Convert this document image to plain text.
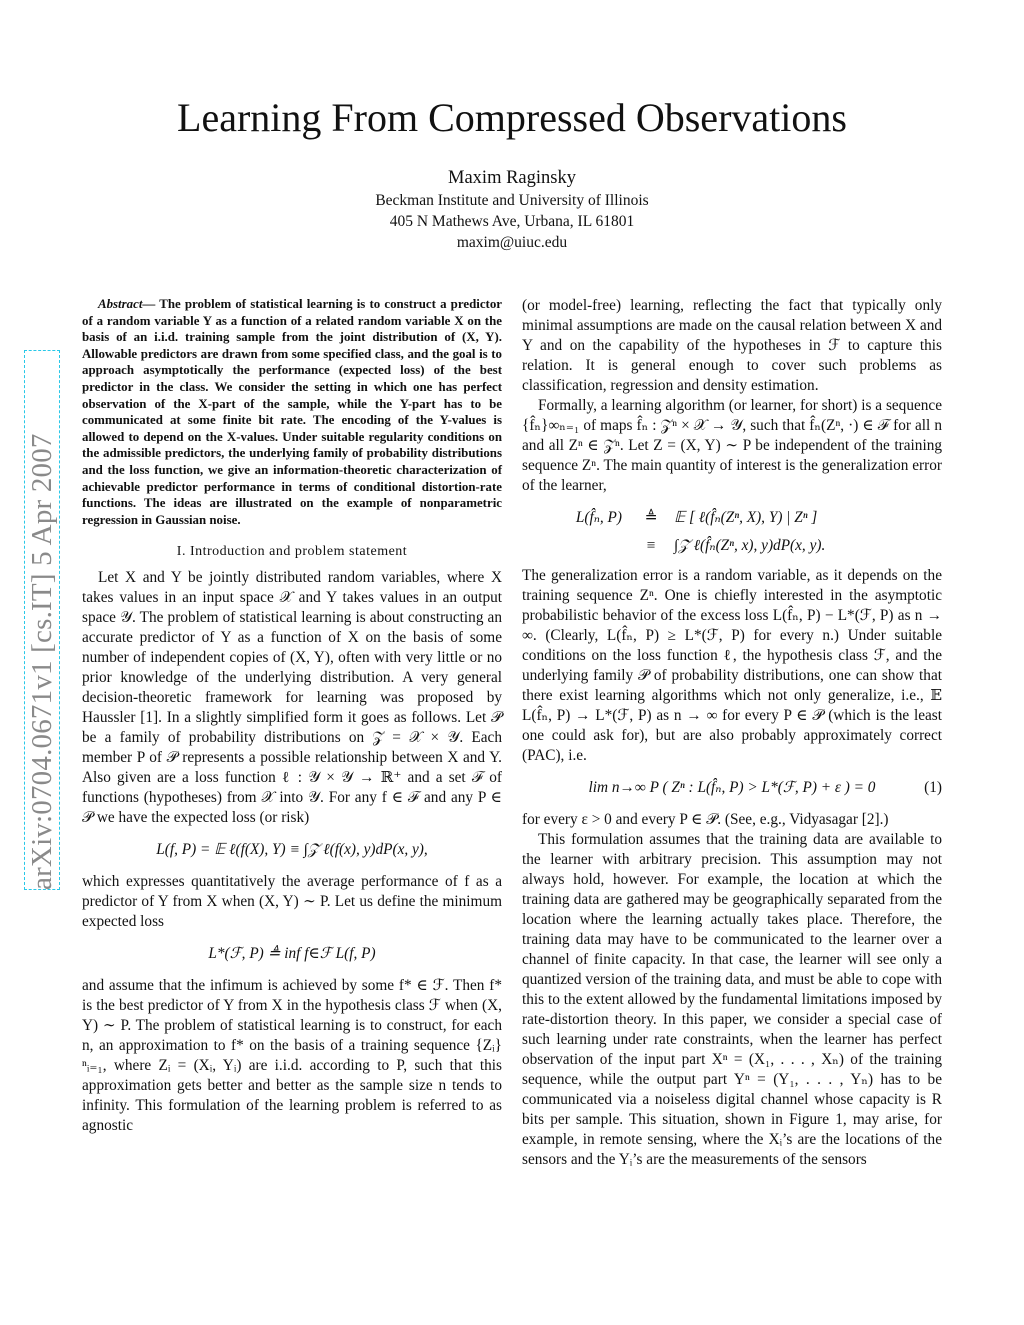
arXiv:0704.0671v1 [cs.IT] 5 Apr 2007
Learning From Compressed Observations
Maxim Raginsky
Beckman Institute and University of Illinois
405 N Mathews Ave, Urbana, IL 61801
maxim@uiuc.edu
Abstract— The problem of statistical learning is to construct a predictor of a random variable Y as a function of a related random variable X on the basis of an i.i.d. training sample from the joint distribution of (X, Y). Allowable predictors are drawn from some specified class, and the goal is to approach asymptotically the performance (expected loss) of the best predictor in the class. We consider the setting in which one has perfect observation of the X-part of the sample, while the Y-part has to be communicated at some finite bit rate. The encoding of the Y-values is allowed to depend on the X-values. Under suitable regularity conditions on the admissible predictors, the underlying family of probability distributions and the loss function, we give an information-theoretic characterization of achievable predictor performance in terms of conditional distortion-rate functions. The ideas are illustrated on the example of nonparametric regression in Gaussian noise.
I. Introduction and problem statement

Let X and Y be jointly distributed random variables, where X takes values in an input space 𝒳 and Y takes values in an output space 𝒴. The problem of statistical learning is about constructing an accurate predictor of Y as a function of X on the basis of some number of independent copies of (X, Y), often with very little or no prior knowledge of the underlying distribution. A very general decision-theoretic framework for learning was proposed by Haussler [1]. In a slightly simplified form it goes as follows. Let 𝒫 be a family of probability distributions on 𝒵 = 𝒳 × 𝒴. Each member P of 𝒫 represents a possible relationship between X and Y. Also given are a loss function ℓ : 𝒴 × 𝒴 → ℝ⁺ and a set ℱ of functions (hypotheses) from 𝒳 into 𝒴. For any f ∈ ℱ and any P ∈ 𝒫 we have the expected loss (or risk)

L(f, P) = 𝔼 ℓ(f(X), Y) ≡ ∫𝒵 ℓ(f(x), y)dP(x, y),

which expresses quantitatively the average performance of f as a predictor of Y from X when (X, Y) ∼ P. Let us define the minimum expected loss

L*(ℱ, P) ≜ inf f∈ℱ L(f, P)

and assume that the infimum is achieved by some f* ∈ ℱ. Then f* is the best predictor of Y from X in the hypothesis class ℱ when (X, Y) ∼ P. The problem of statistical learning is to construct, for each n, an approximation to f* on the basis of a training sequence {Zᵢ}ⁿᵢ₌₁, where Zᵢ = (Xᵢ, Yᵢ) are i.i.d. according to P, such that this approximation gets better and better as the sample size n tends to infinity. This formulation of the learning problem is referred to as agnostic

(or model-free) learning, reflecting the fact that typically only minimal assumptions are made on the causal relation between X and Y and on the capability of the hypotheses in ℱ to capture this relation. It is general enough to cover such problems as classification, regression and density estimation.

Formally, a learning algorithm (or learner, for short) is a sequence {f̂ₙ}∞ₙ₌₁ of maps f̂ₙ : 𝒵ⁿ × 𝒳 → 𝒴, such that f̂ₙ(Zⁿ, ·) ∈ ℱ for all n and all Zⁿ ∈ 𝒵ⁿ. Let Z = (X, Y) ∼ P be independent of the training sequence Zⁿ. The main quantity of interest is the generalization error of the learner,

L(f̂ₙ, P)	≜	𝔼 [ ℓ(f̂ₙ(Zⁿ, X), Y) | Zⁿ ]
≡	∫𝒵 ℓ(f̂ₙ(Zⁿ, x), y)dP(x, y).

The generalization error is a random variable, as it depends on the training sequence Zⁿ. One is chiefly interested in the asymptotic probabilistic behavior of the excess loss L(f̂ₙ, P) − L*(ℱ, P) as n → ∞. (Clearly, L(f̂ₙ, P) ≥ L*(ℱ, P) for every n.) Under suitable conditions on the loss function ℓ, the hypothesis class ℱ, and the underlying family 𝒫 of probability distributions, one can show that there exist learning algorithms which not only generalize, i.e., 𝔼 L(f̂ₙ, P) → L*(ℱ, P) as n → ∞ for every P ∈ 𝒫 (which is the least one could ask for), but are also probably approximately correct (PAC), i.e.

lim n→∞ P ( Zⁿ : L(f̂ₙ, P) > L*(ℱ, P) + ε ) = 0	(1)

for every ε > 0 and every P ∈ 𝒫. (See, e.g., Vidyasagar [2].)

This formulation assumes that the training data are available to the learner with arbitrary precision. This assumption may not always hold, however. For example, the location at which the training data are gathered may be geographically separated from the location where the learning actually takes place. Therefore, the training data may have to be communicated to the learner over a channel of finite capacity. In that case, the learner will see only a quantized version of the training data, and must be able to cope with this to the extent allowed by the fundamental limitations imposed by rate-distortion theory. In this paper, we consider a special case of such learning under rate constraints, when the learner has perfect observation of the input part Xⁿ = (X₁, . . . , Xₙ) of the training sequence, while the output part Yⁿ = (Y₁, . . . , Yₙ) has to be communicated via a noiseless digital channel whose capacity is R bits per sample. This situation, shown in Figure 1, may arise, for example, in remote sensing, where the Xᵢ’s are the locations of the sensors and the Yᵢ’s are the measurements of the sensors
